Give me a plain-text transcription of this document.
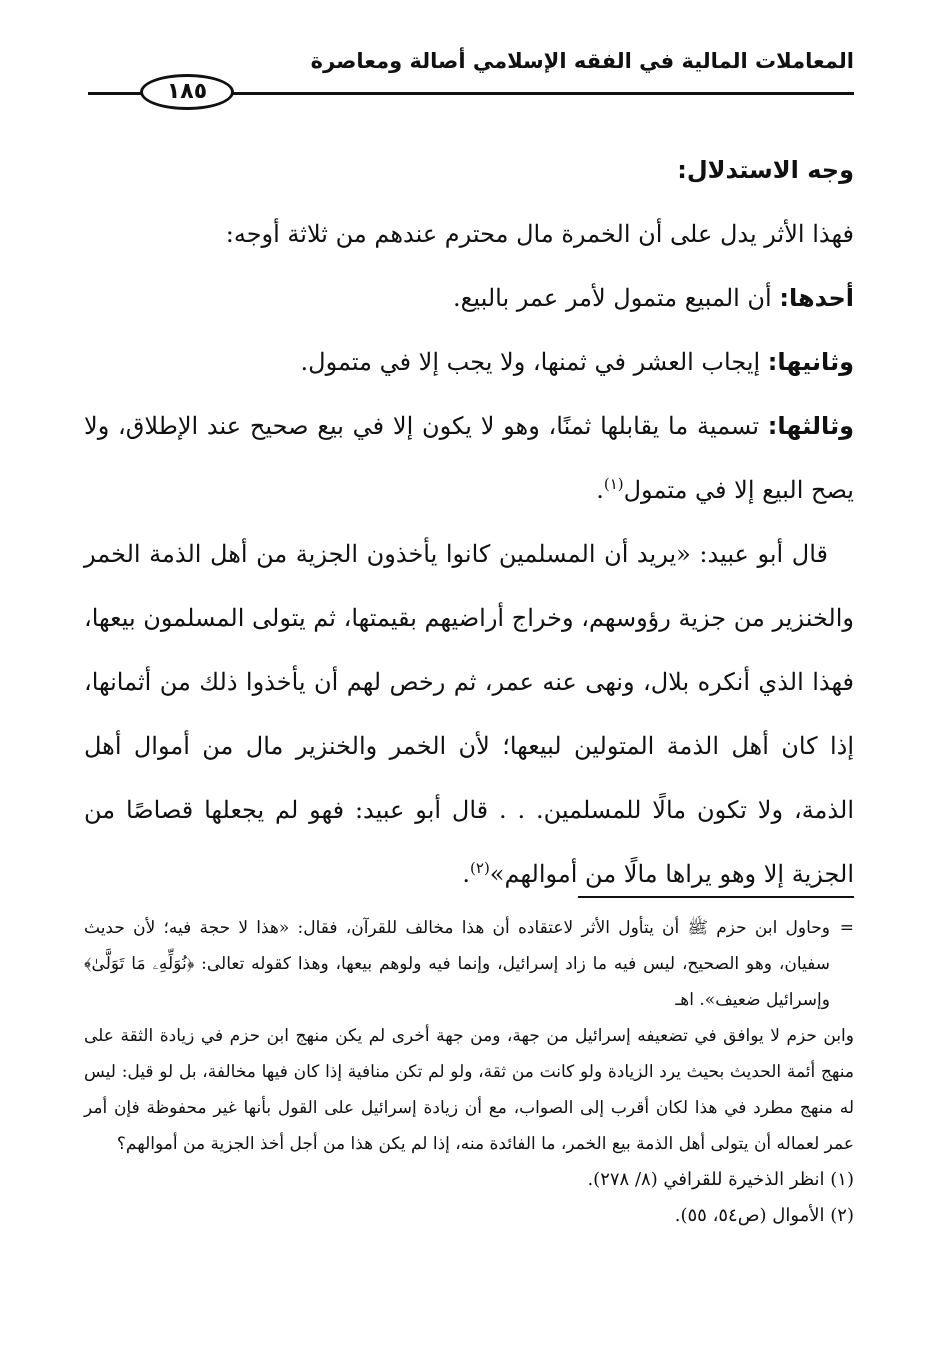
المعاملات المالية في الفقه الإسلامي أصالة ومعاصرة
١٨٥

وجه الاستدلال:

فهذا الأثر يدل على أن الخمرة مال محترم عندهم من ثلاثة أوجه:

أحدها: أن المبيع متمول لأمر عمر بالبيع.

وثانيها: إيجاب العشر في ثمنها، ولا يجب إلا في متمول.

وثالثها: تسمية ما يقابلها ثمنًا، وهو لا يكون إلا في بيع صحيح عند الإطلاق، ولا يصح البيع إلا في متمول$^{(١)}$.

قال أبو عبيد: «يريد أن المسلمين كانوا يأخذون الجزية من أهل الذمة الخمر والخنزير من جزية رؤوسهم، وخراج أراضيهم بقيمتها، ثم يتولى المسلمون بيعها، فهذا الذي أنكره بلال، ونهى عنه عمر، ثم رخص لهم أن يأخذوا ذلك من أثمانها، إذا كان أهل الذمة المتولين لبيعها؛ لأن الخمر والخنزير مال من أموال أهل الذمة، ولا تكون مالًا للمسلمين. . . قال أبو عبيد: فهو لم يجعلها قصاصًا من الجزية إلا وهو يراها مالًا من أموالهم»$^{(٢)}$.

=
وحاول ابن حزم ﷺ أن يتأول الأثر لاعتقاده أن هذا مخالف للقرآن، فقال: «هذا لا حجة فيه؛ لأن حديث سفيان، وهو الصحيح، ليس فيه ما زاد إسرائيل، وإنما فيه ولوهم بيعها، وهذا كقوله تعالى: ﴿نُوَلِّهِۦ مَا تَوَلَّىٰ﴾ وإسرائيل ضعيف». اهـ

وابن حزم لا يوافق في تضعيفه إسرائيل من جهة، ومن جهة أخرى لم يكن منهج ابن حزم في زيادة الثقة على منهج أئمة الحديث بحيث يرد الزيادة ولو كانت من ثقة، ولو لم تكن منافية إذا كان فيها مخالفة، بل لو قيل: ليس له منهج مطرد في هذا لكان أقرب إلى الصواب، مع أن زيادة إسرائيل على القول بأنها غير محفوظة فإن أمر عمر لعماله أن يتولى أهل الذمة بيع الخمر، ما الفائدة منه، إذا لم يكن هذا من أجل أخذ الجزية من أموالهم؟

(١) انظر الذخيرة للقرافي (٨/ ٢٧٨).

(٢) الأموال (ص٥٤، ٥٥).
